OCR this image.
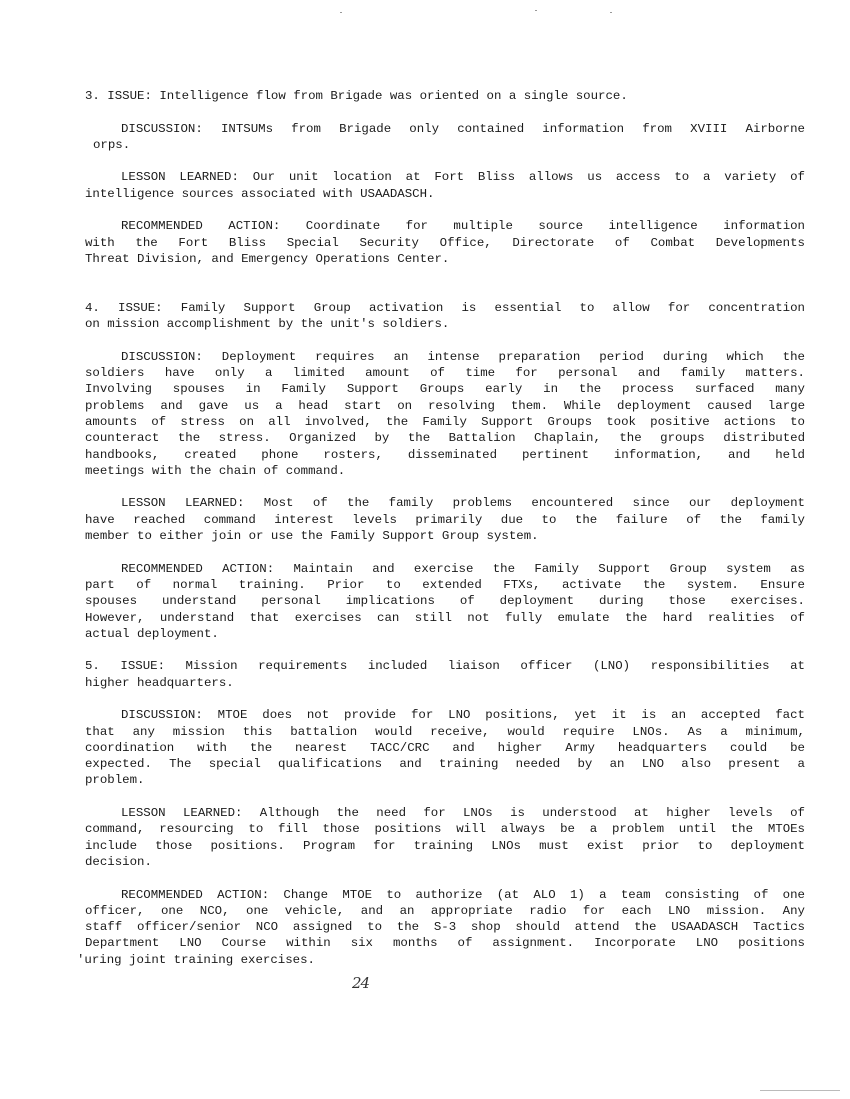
3. ISSUE: Intelligence flow from Brigade was oriented on a single source.
DISCUSSION: INTSUMs from Brigade only contained information from XVIII Airborne
orps.
LESSON LEARNED: Our unit location at Fort Bliss allows us access to a variety of
intelligence sources associated with USAADASCH.
RECOMMENDED ACTION: Coordinate for multiple source intelligence information
with the Fort Bliss Special Security Office, Directorate of Combat Developments
Threat Division, and Emergency Operations Center.
4. ISSUE: Family Support Group activation is essential to allow for concentration
on mission accomplishment by the unit's soldiers.
DISCUSSION: Deployment requires an intense preparation period during which the
soldiers have only a limited amount of time for personal and family matters.
Involving spouses in Family Support Groups early in the process surfaced many
problems and gave us a head start on resolving them. While deployment caused large
amounts of stress on all involved, the Family Support Groups took positive actions to
counteract the stress. Organized by the Battalion Chaplain, the groups distributed
handbooks, created phone rosters, disseminated pertinent information, and held
meetings with the chain of command.
LESSON LEARNED: Most of the family problems encountered since our deployment
have reached command interest levels primarily due to the failure of the family
member to either join or use the Family Support Group system.
RECOMMENDED ACTION: Maintain and exercise the Family Support Group system as
part of normal training. Prior to extended FTXs, activate the system. Ensure
spouses understand personal implications of deployment during those exercises.
However, understand that exercises can still not fully emulate the hard realities of
actual deployment.
5. ISSUE: Mission requirements included liaison officer (LNO) responsibilities at
higher headquarters.
DISCUSSION: MTOE does not provide for LNO positions, yet it is an accepted fact
that any mission this battalion would receive, would require LNOs. As a minimum,
coordination with the nearest TACC/CRC and higher Army headquarters could be
expected. The special qualifications and training needed by an LNO also present a
problem.
LESSON LEARNED: Although the need for LNOs is understood at higher levels of
command, resourcing to fill those positions will always be a problem until the MTOEs
include those positions. Program for training LNOs must exist prior to deployment
decision.
RECOMMENDED ACTION: Change MTOE to authorize (at ALO 1) a team consisting of one
officer, one NCO, one vehicle, and an appropriate radio for each LNO mission. Any
staff officer/senior NCO assigned to the S-3 shop should attend the USAADASCH Tactics
Department LNO Course within six months of assignment. Incorporate LNO positions
'uring joint training exercises.
24
